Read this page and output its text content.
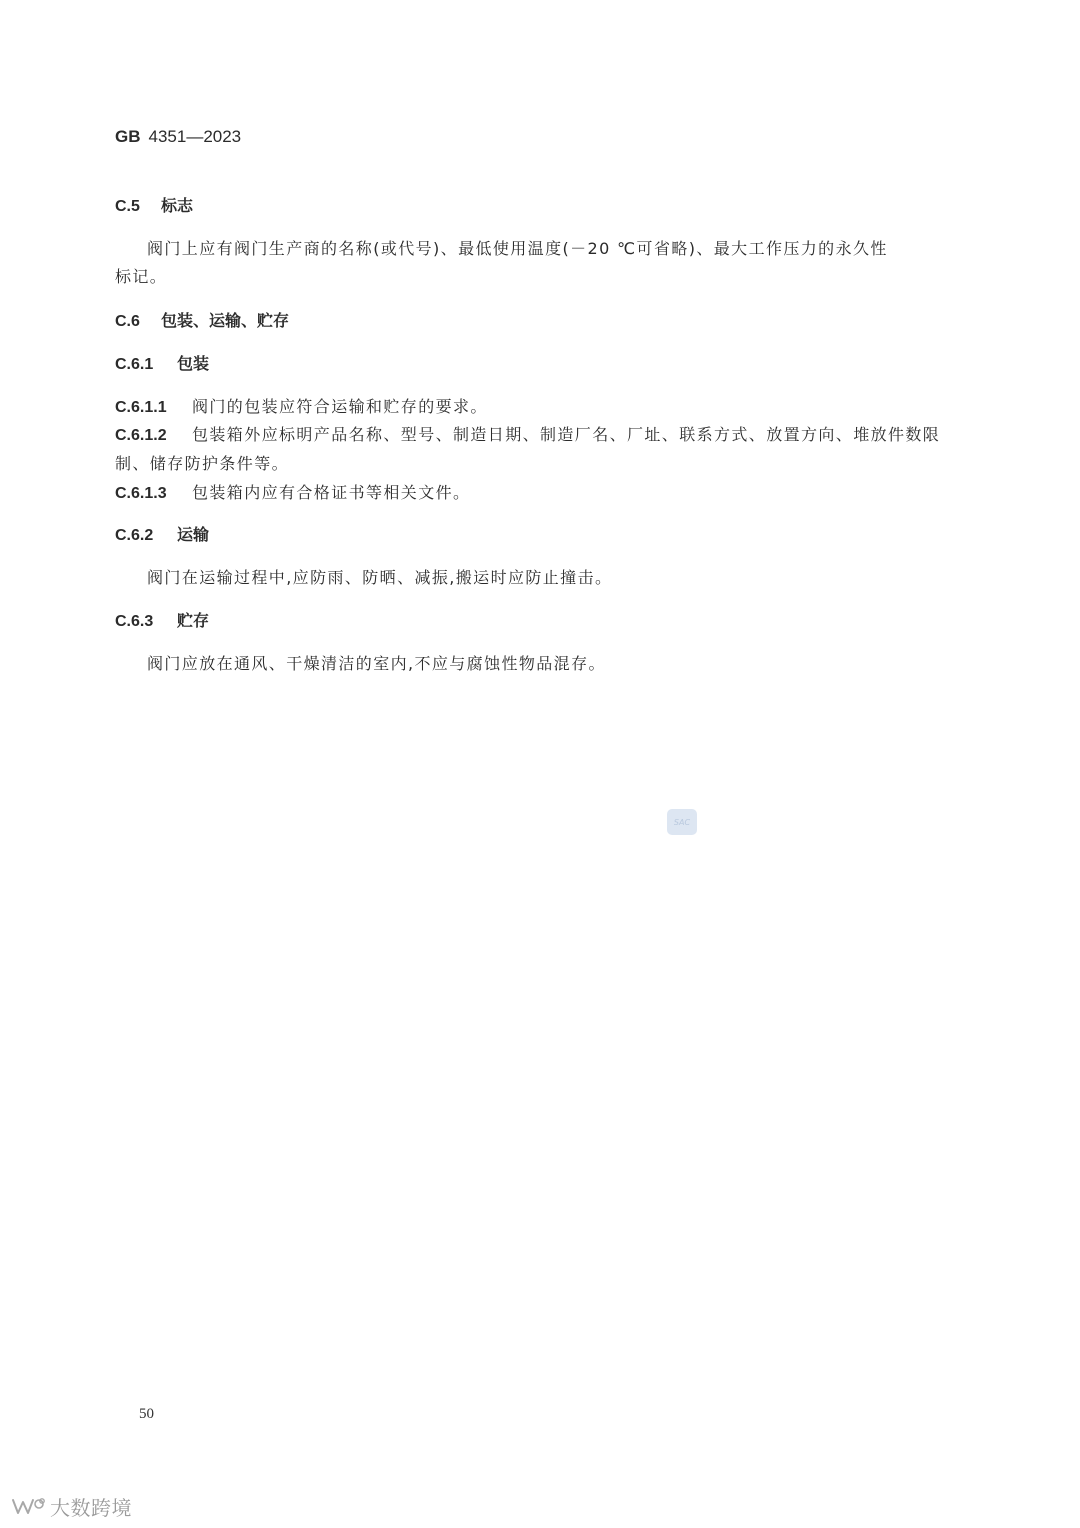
GB 4351—2023
C.5 标志
阀门上应有阀门生产商的名称(或代号)、最低使用温度(－20 ℃可省略)、最大工作压力的永久性
标记。
C.6 包装、运输、贮存
C.6.1 包装
C.6.1.1 阀门的包装应符合运输和贮存的要求。
C.6.1.2 包装箱外应标明产品名称、型号、制造日期、制造厂名、厂址、联系方式、放置方向、堆放件数限
制、储存防护条件等。
C.6.1.3 包装箱内应有合格证书等相关文件。
C.6.2 运输
阀门在运输过程中,应防雨、防晒、减振,搬运时应防止撞击。
C.6.3 贮存
阀门应放在通风、干燥清洁的室内,不应与腐蚀性物品混存。
SAC
50
大数跨境
